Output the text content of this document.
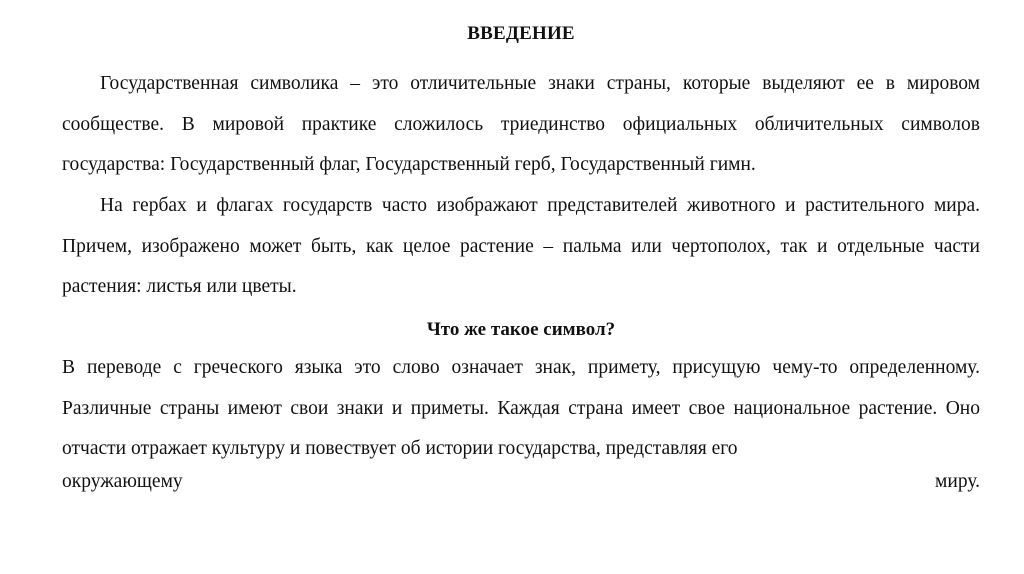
ВВЕДЕНИЕ

Государственная символика – это отличительные знаки страны, которые выделяют ее в мировом сообществе. В мировой практике сложилось триединство официальных обличительных символов государства: Государственный флаг, Государственный герб, Государственный гимн.

На гербах и флагах государств часто изображают представителей животного и растительного мира. Причем, изображено может быть, как целое растение – пальма или чертополох, так и отдельные части растения: листья или цветы.

Что же такое символ?

В переводе с греческого языка это слово означает знак, примету, присущую чему-то определенному. Различные страны имеют свои знаки и приметы. Каждая страна имеет свое национальное растение. Оно отчасти отражает культуру и повествует об истории государства, представляя его

окружающему	миру.
